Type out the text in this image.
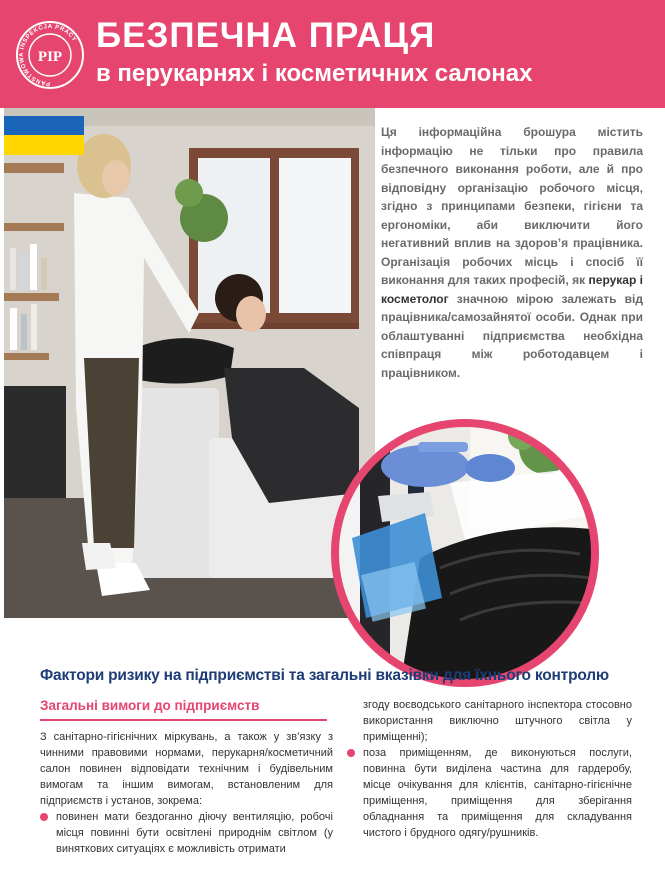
PAŃSTWOWA INSPEKCJA PRACY
PIP
БЕЗПЕЧНА ПРАЦЯ
в перукарнях і косметичних салонах
Ця інформаційна брошура містить інформацію не тільки про правила безпечного виконання роботи, але й про відповідну організацію робочого місця, згідно з принципами безпеки, гігієни та ергономіки, аби виключити його негативний вплив на здоров’я працівника. Організація робочих місць і спосіб її виконання для таких професій, як перукар і косметолог значною мірою залежать від працівника/самозайнятої особи. Однак при облаштуванні підприємства необхідна співпраця між роботодавцем і працівником.
Фактори ризику на підприємстві та загальні вказівки для їхнього контролю
Загальні вимоги до підприємств

З санітарно-гігієнічних міркувань, а також у зв’язку з чинними правовими нормами, перукарня/косметичний салон повинен відповідати технічним і будівельним вимогам та іншим вимогам, встановленим для підприємств і установ, зокрема:

повинен мати бездоганно діючу вентиляцію, робочі місця повинні бути освітлені природнім світлом (у виняткових ситуаціях є можливість отримати

згоду воєводського санітарного інспектора стосовно використання виключно штучного світла у приміщенні);

поза приміщенням, де виконуються послуги, повинна бути виділена частина для гардеробу, місце очікування для клієнтів, санітарно-гігієнічне приміщення, приміщення для зберігання обладнання та приміщення для складування чистого і брудного одягу/рушників.
